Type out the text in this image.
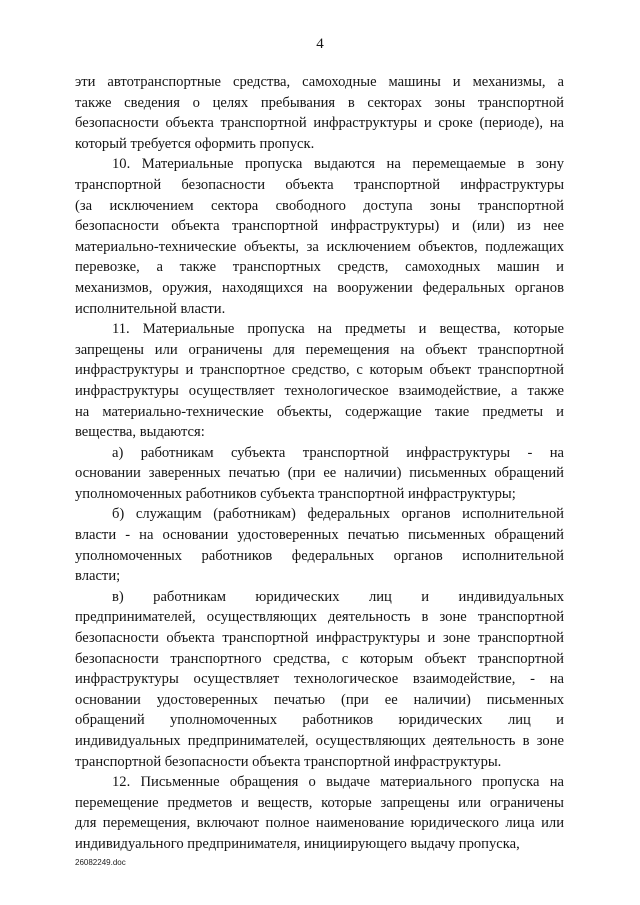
4
эти автотранспортные средства, самоходные машины и механизмы, а
также сведения о целях пребывания в секторах зоны транспортной
безопасности объекта транспортной инфраструктуры и сроке (периоде), на
который требуется оформить пропуск.
10. Материальные пропуска выдаются на перемещаемые в зону
транспортной безопасности объекта транспортной инфраструктуры
(за исключением сектора свободного доступа зоны транспортной
безопасности объекта транспортной инфраструктуры) и (или) из нее
материально-технические объекты, за исключением объектов, подлежащих
перевозке, а также транспортных средств, самоходных машин и
механизмов, оружия, находящихся на вооружении федеральных органов
исполнительной власти.
11. Материальные пропуска на предметы и вещества, которые
запрещены или ограничены для перемещения на объект транспортной
инфраструктуры и транспортное средство, с которым объект транспортной
инфраструктуры осуществляет технологическое взаимодействие, а также
на материально-технические объекты, содержащие такие предметы и
вещества, выдаются:
а) работникам субъекта транспортной инфраструктуры - на
основании заверенных печатью (при ее наличии) письменных обращений
уполномоченных работников субъекта транспортной инфраструктуры;
б) служащим (работникам) федеральных органов исполнительной
власти - на основании удостоверенных печатью письменных обращений
уполномоченных работников федеральных органов исполнительной
власти;
в) работникам юридических лиц и индивидуальных
предпринимателей, осуществляющих деятельность в зоне транспортной
безопасности объекта транспортной инфраструктуры и зоне транспортной
безопасности транспортного средства, с которым объект транспортной
инфраструктуры осуществляет технологическое взаимодействие, - на
основании удостоверенных печатью (при ее наличии) письменных
обращений уполномоченных работников юридических лиц и
индивидуальных предпринимателей, осуществляющих деятельность в зоне
транспортной безопасности объекта транспортной инфраструктуры.
12. Письменные обращения о выдаче материального пропуска на
перемещение предметов и веществ, которые запрещены или ограничены
для перемещения, включают полное наименование юридического лица или
индивидуального предпринимателя, инициирующего выдачу пропуска,
26082249.doc
